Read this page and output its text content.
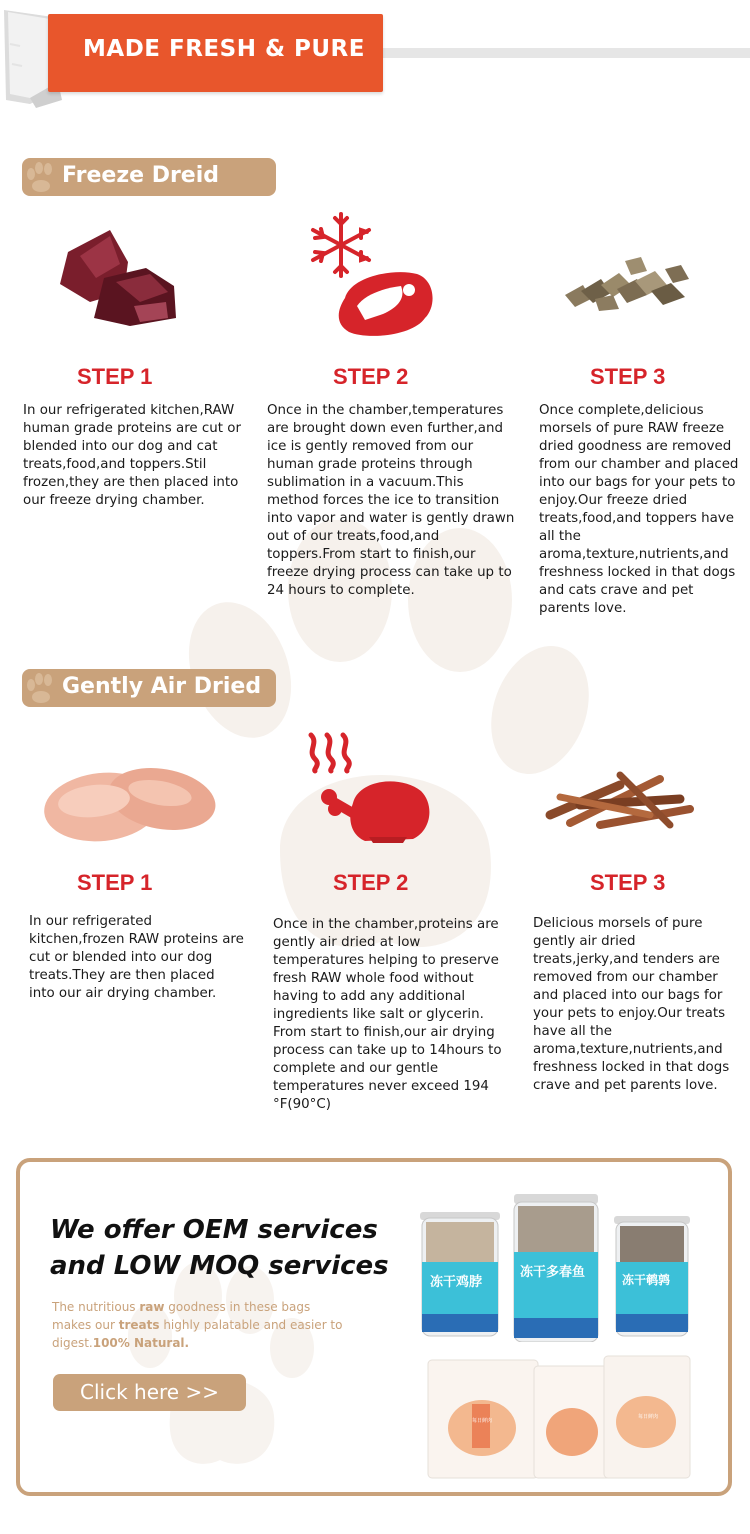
MADE FRESH & PURE
Freeze Dreid
STEP 1	STEP 2	STEP 3
In our refrigerated kitchen,RAW human grade proteins are cut or blended into our dog and cat treats,food,and toppers.Stil frozen,they are then placed into our freeze drying chamber.
Once in the chamber,temperatures are brought down even further,and ice is gently removed from our human grade proteins through sublimation in a vacuum.This method forces the ice to transition into vapor and water is gently drawn out of our treats,food,and toppers.From start to finish,our freeze drying process can take up to 24 hours to complete.
Once complete,delicious morsels of pure RAW freeze dried goodness are removed from our chamber and placed into our bags for your pets to enjoy.Our freeze dried treats,food,and toppers have all the aroma,texture,nutrients,and freshness locked in that dogs and cats crave and pet parents love.
Gently Air Dried
STEP 1	STEP 2	STEP 3
In our refrigerated kitchen,frozen RAW proteins are cut or blended into our dog treats.They are then placed into our air drying chamber.
Once in the chamber,proteins are gently air dried at low temperatures helping to preserve fresh RAW whole food without having to add any additional ingredients like salt or glycerin. From start to finish,our air drying process can take up to 14hours to complete and our gentle temperatures never exceed 194 °F(90°C)
Delicious morsels of pure gently air dried treats,jerky,and tenders are removed from our chamber and placed into our bags for your pets to enjoy.Our treats have all the aroma,texture,nutrients,and freshness locked in that dogs crave and pet parents love.
We offer OEM services
and LOW MOQ services
The nutritious raw goodness in these bags makes our treats highly palatable and easier to digest.100% Natural.
Click here >>
冻干鸡脖
冻干多春鱼	冻干鹌鹑
每日鲜肉
每日鲜肉
